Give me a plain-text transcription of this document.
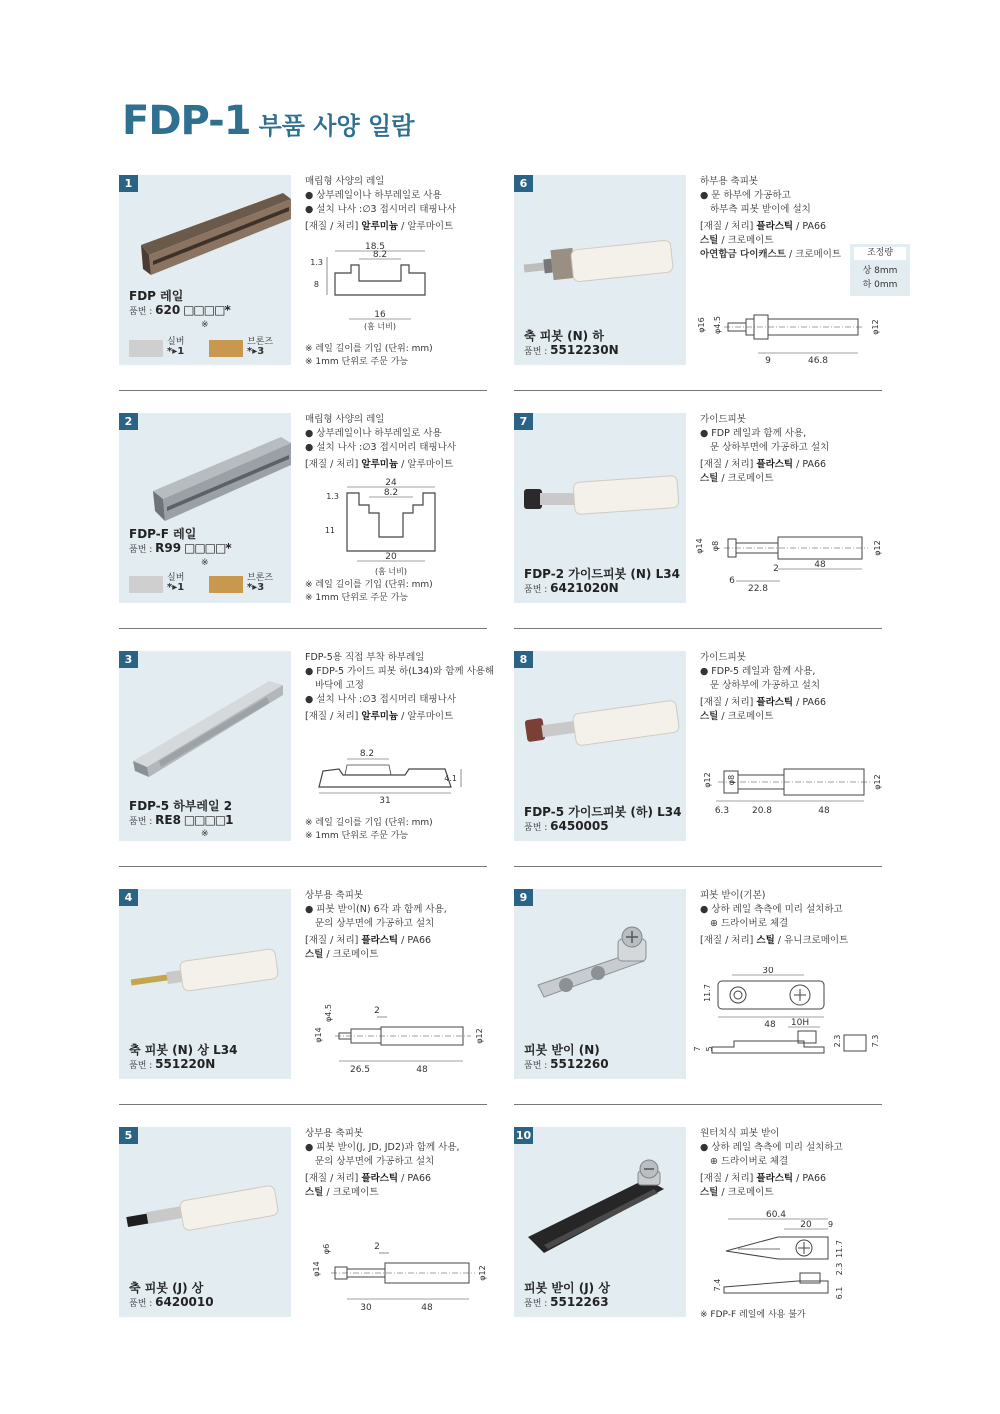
FDP-1 부품 사양 일람
1
FDP 레일
품번 : 620 □□□□*
※
실버
*▸1
브론즈
*▸3
매립형 사양의 레일
● 상부레일이나 하부레일로 사용
● 설치 나사 :∅3 접시머리 태핑나사
[재질 / 처리] 알루미늄 / 알루마이트
18.5
8.2
1.3
8
16
(홈 너비)
※ 레일 길이를 기입 (단위: mm)
※ 1mm 단위로 주문 가능
2
FDP-F 레일
품번 : R99 □□□□*
※
실버
*▸1
브론즈
*▸3
매립형 사양의 레일
● 상부레일이나 하부레일로 사용
● 설치 나사 :∅3 접시머리 태핑나사
[재질 / 처리] 알루미늄 / 알루마이트
24
8.2
1.3
11
20
(홈 너비)
※ 레일 길이를 기입 (단위: mm)
※ 1mm 단위로 주문 가능
3
FDP-5 하부레일 2
품번 : RE8 □□□□1
※
FDP-5용 직접 부착 하부레일
● FDP-5 가이드 피봇 하(L34)와 함께 사용해
바닥에 고정
● 설치 나사 :∅3 접시머리 태핑나사
[재질 / 처리] 알루미늄 / 알루마이트
8.2
31
4.1
※ 레일 길이를 기입 (단위: mm)
※ 1mm 단위로 주문 가능
4
축 피봇 (N) 상 L34
품번 : 551220N
상부용 축피봇
● 피봇 받이(N) 6각 과 함께 사용,
문의 상부면에 가공하고 설치
[재질 / 처리] 플라스틱 / PA66
스틸 / 크로메이트
φ4.5	2
φ14	φ12
26.5	48
5
축 피봇 (J) 상
품번 : 6420010
상부용 축피봇
● 피봇 받이(J, JD, JD2)과 함께 사용,
문의 상부면에 가공하고 설치
[재질 / 처리] 플라스틱 / PA66
스틸 / 크로메이트
φ6	2
φ14	φ12
30	48
6
축 피봇 (N) 하
품번 : 5512230N
하부용 축피봇
● 문 하부에 가공하고
하부측 피봇 받이에 설치
[재질 / 처리] 플라스틱 / PA66
스틸 / 크로메이트
아연합금 다이캐스트 / 크로메이트
φ16 φ4.5	φ12
9	46.8
조정량
상 8mm
하 0mm
7
FDP-2 가이드피봇 (N) L34
품번 : 6421020N
가이드피봇
● FDP 레일과 함께 사용,
문 상하부면에 가공하고 설치
[재질 / 처리] 플라스틱 / PA66
스틸 / 크로메이트
φ14 φ8	φ12
2	48
6
22.8
8
FDP-5 가이드피봇 (하) L34
품번 : 6450005
가이드피봇
● FDP-5 레일과 함께 사용,
문 상하부에 가공하고 설치
[재질 / 처리] 플라스틱 / PA66
스틸 / 크로메이트
φ12 φ8	φ12
6.3	20.8	48
9
피봇 받이 (N)
품번 : 5512260
피봇 받이(기본)
● 상하 레일 측측에 미리 설치하고
⊕ 드라이버로 체결
[재질 / 처리] 스틸 / 유니크로메이트
30
11.7
48 10H
7 5
2.3	7.3
10
피봇 받이 (J) 상
품번 : 5512263
원터치식 피봇 받이
● 상하 레일 측측에 미리 설치하고
⊕ 드라이버로 체결
[재질 / 처리] 플라스틱 / PA66
스틸 / 크로메이트
60.4
20 9
11.7
2.3
7.4
6.1
※ FDP-F 레일에 사용 불가
